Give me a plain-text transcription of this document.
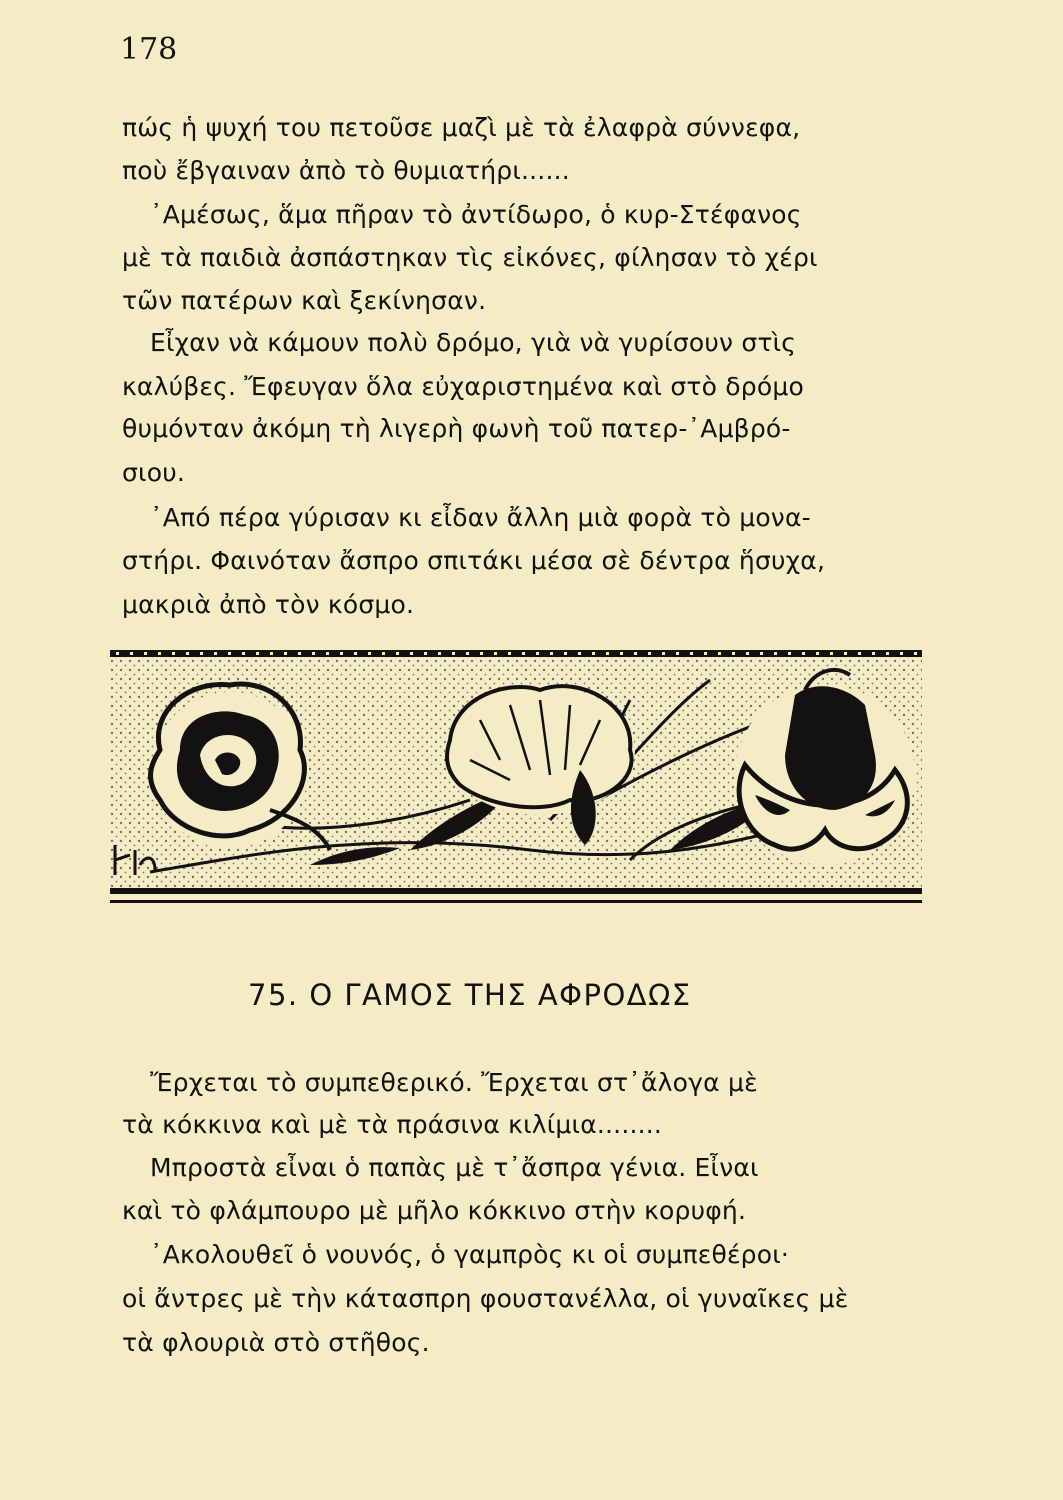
178
πώς ἡ ψυχή του πετοῦσε μαζὶ μὲ τὰ ἐλαφρὰ σύννεφα,
ποὺ ἔβγαιναν ἀπὸ τὸ θυμιατήρι......
᾽Αμέσως, ἅμα πῆραν τὸ ἀντίδωρο, ὁ κυρ-Στέφανος
μὲ τὰ παιδιὰ ἀσπάστηκαν τὶς εἰκόνες, φίλησαν τὸ χέρι
τῶν πατέρων καὶ ξεκίνησαν.
Εἶχαν νὰ κάμουν πολὺ δρόμο, γιὰ νὰ γυρίσουν στὶς
καλύβες. Ἔφευγαν ὅλα εὐχαριστημένα καὶ στὸ δρόμο
θυμόνταν ἀκόμη τὴ λιγερὴ φωνὴ τοῦ πατερ-᾽Αμβρό-
σιου.
᾽Από πέρα γύρισαν κι εἶδαν ἄλλη μιὰ φορὰ τὸ μονα-
στήρι. Φαινόταν ἄσπρο σπιτάκι μέσα σὲ δέντρα ἥσυχα,
μακριὰ ἀπὸ τὸν κόσμο.
75. Ο ΓΑΜΟΣ ΤΗΣ ΑΦΡΟΔΩΣ
Ἔρχεται τὸ συμπεθερικό. Ἔρχεται στ᾽ἄλογα μὲ
τὰ κόκκινα καὶ μὲ τὰ πράσινα κιλίμια........
Μπροστὰ εἶναι ὁ παπὰς μὲ τ᾽ἄσπρα γένια. Εἶναι
καὶ τὸ φλάμπουρο μὲ μῆλο κόκκινο στὴν κορυφή.
᾽Ακολουθεῖ ὁ νουνός, ὁ γαμπρὸς κι οἱ συμπεθέροι·
οἱ ἄντρες μὲ τὴν κάτασπρη φουστανέλλα, οἱ γυναῖκες μὲ
τὰ φλουριὰ στὸ στῆθος.
